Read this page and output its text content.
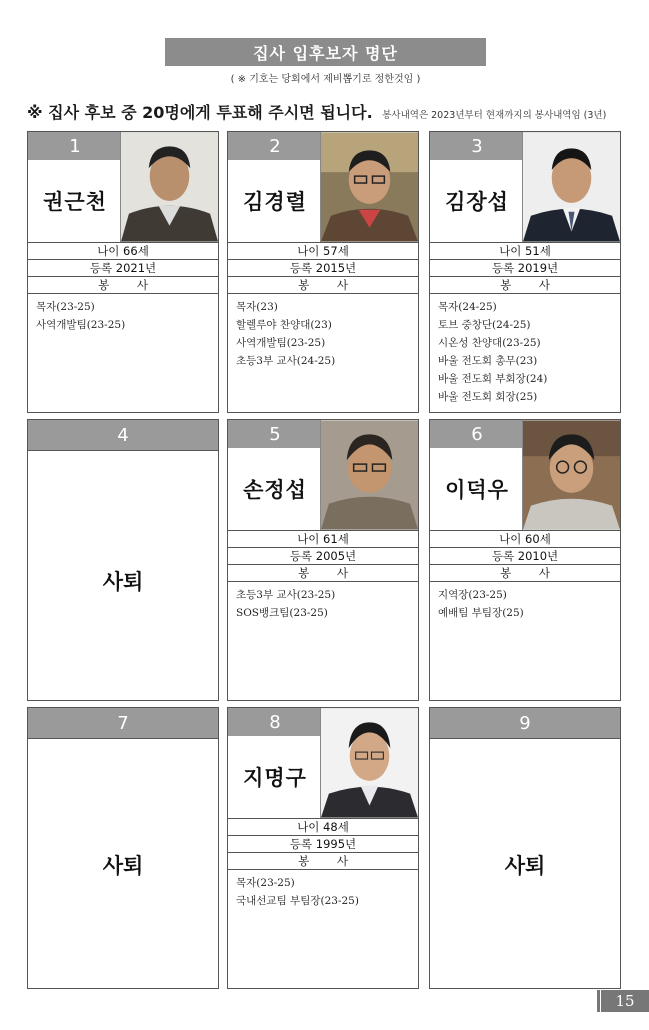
집사 입후보자 명단
( ※ 기호는 당회에서 제비뽑기로 정한것임 )
※ 집사 후보 중 20명에게 투표해 주시면 됩니다. 봉사내역은 2023년부터 현재까지의 봉사내역임 (3년)
1
권근천
나이 66세
등록 2021년
봉 사
목자(23-25)
사역개발팀(23-25)
2
김경렬
나이 57세
등록 2015년
봉 사
목자(23)
할렐루야 찬양대(23)
사역개발팀(23-25)
초등3부 교사(24-25)
3
김장섭
나이 51세
등록 2019년
봉 사
목자(24-25)
토브 중창단(24-25)
시온성 찬양대(23-25)
바울 전도회 총무(23)
바울 전도회 부회장(24)
바울 전도회 회장(25)
4
사퇴
5
손정섭
나이 61세
등록 2005년
봉 사
초등3부 교사(23-25)
SOS뱅크팀(23-25)
6
이덕우
나이 60세
등록 2010년
봉 사
지역장(23-25)
예배팀 부팀장(25)
7
사퇴
8
지명구
나이 48세
등록 1995년
봉 사
목자(23-25)
국내선교팀 부팀장(23-25)
9
사퇴
15
